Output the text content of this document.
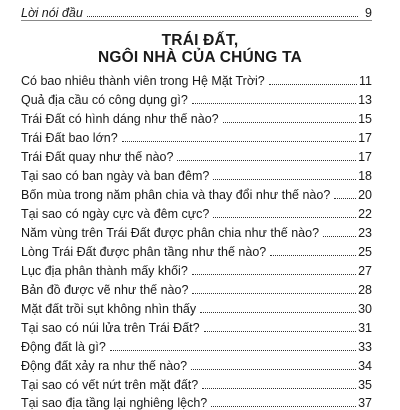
Lời nói đầu	9
TRÁI ĐẤT,
NGÔI NHÀ CỦA CHÚNG TA
Có bao nhiêu thành viên trong Hệ Mặt Trời?	11
Quả địa cầu có công dụng gì?	13
Trái Đất có hình dáng như thế nào?	15
Trái Đất bao lớn?	17
Trái Đất quay như thế nào?	17
Tại sao có ban ngày và ban đêm?	18
Bốn mùa trong năm phân chia và thay đổi như thế nào? 20
Tại sao có ngày cực và đêm cực?	22
Năm vùng trên Trái Đất được phân chia như thế nào?	23
Lòng Trái Đất được phân tầng như thế nào?	25
Lục địa phân thành mấy khối?	27
Bản đồ được vẽ như thế nào?	28
Mặt đất trồi sụt không nhìn thấy	30
Tại sao có núi lửa trên Trái Đất?	31
Động đất là gì?	33
Động đất xảy ra như thế nào?	34
Tại sao có vết nứt trên mặt đất?	35
Tại sao địa tầng lại nghiêng lệch?	37
